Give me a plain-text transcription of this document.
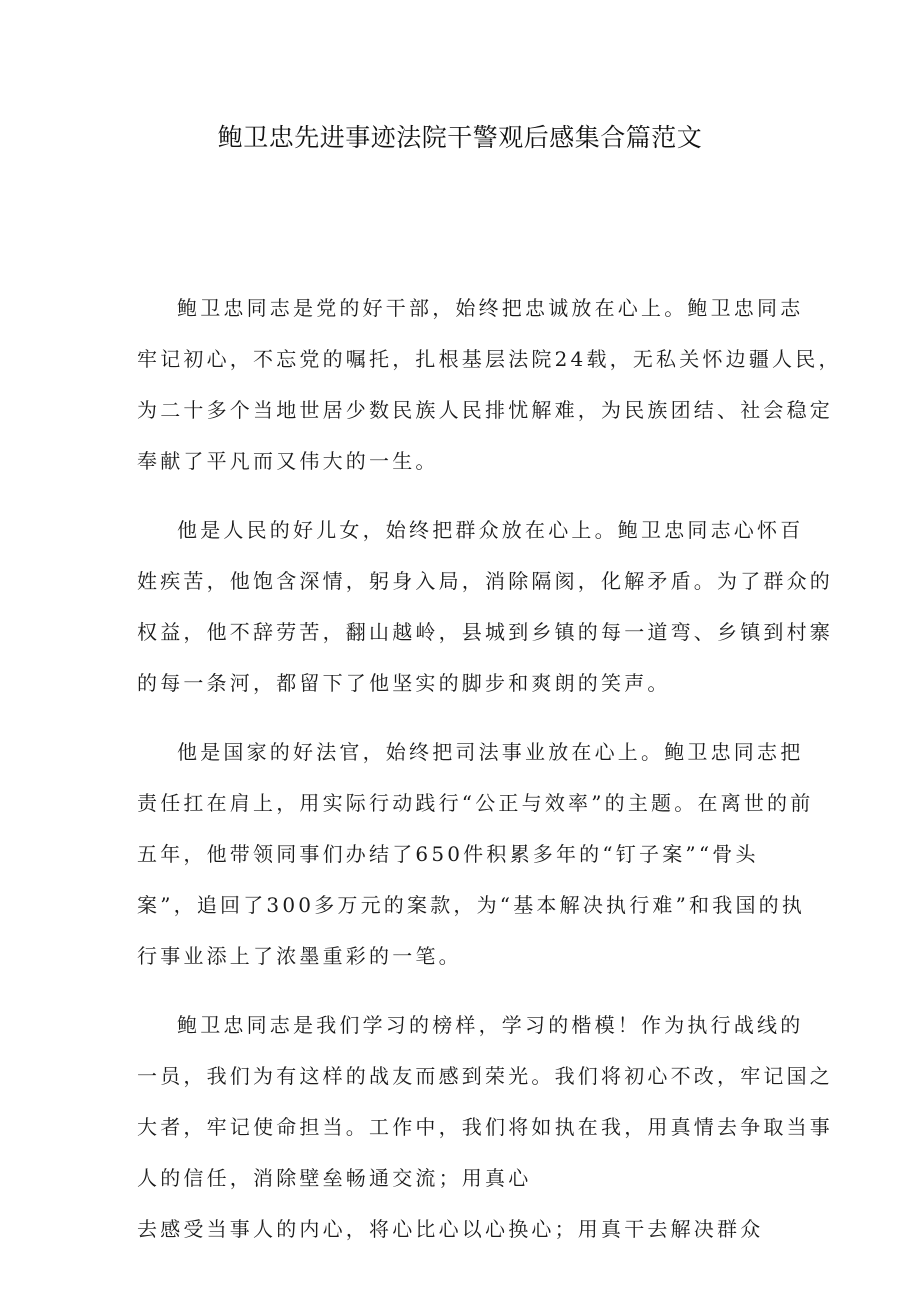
鲍卫忠先进事迹法院干警观后感集合篇范文
鲍卫忠同志是党的好干部，始终把忠诚放在心上。鲍卫忠同志
牢记初心，不忘党的嘱托，扎根基层法院24载，无私关怀边疆人民，
为二十多个当地世居少数民族人民排忧解难，为民族团结、社会稳定
奉献了平凡而又伟大的一生。
他是人民的好儿女，始终把群众放在心上。鲍卫忠同志心怀百
姓疾苦，他饱含深情，躬身入局，消除隔阂，化解矛盾。为了群众的
权益，他不辞劳苦，翻山越岭，县城到乡镇的每一道弯、乡镇到村寨
的每一条河，都留下了他坚实的脚步和爽朗的笑声。
他是国家的好法官，始终把司法事业放在心上。鲍卫忠同志把
责任扛在肩上，用实际行动践行“公正与效率”的主题。在离世的前
五年，他带领同事们办结了650件积累多年的“钉子案”“骨头
案”，追回了300多万元的案款，为“基本解决执行难”和我国的执
行事业添上了浓墨重彩的一笔。
鲍卫忠同志是我们学习的榜样，学习的楷模！作为执行战线的
一员，我们为有这样的战友而感到荣光。我们将初心不改，牢记国之
大者，牢记使命担当。工作中，我们将如执在我，用真情去争取当事
人的信任，消除壁垒畅通交流；用真心
去感受当事人的内心，将心比心以心换心；用真干去解决群众
